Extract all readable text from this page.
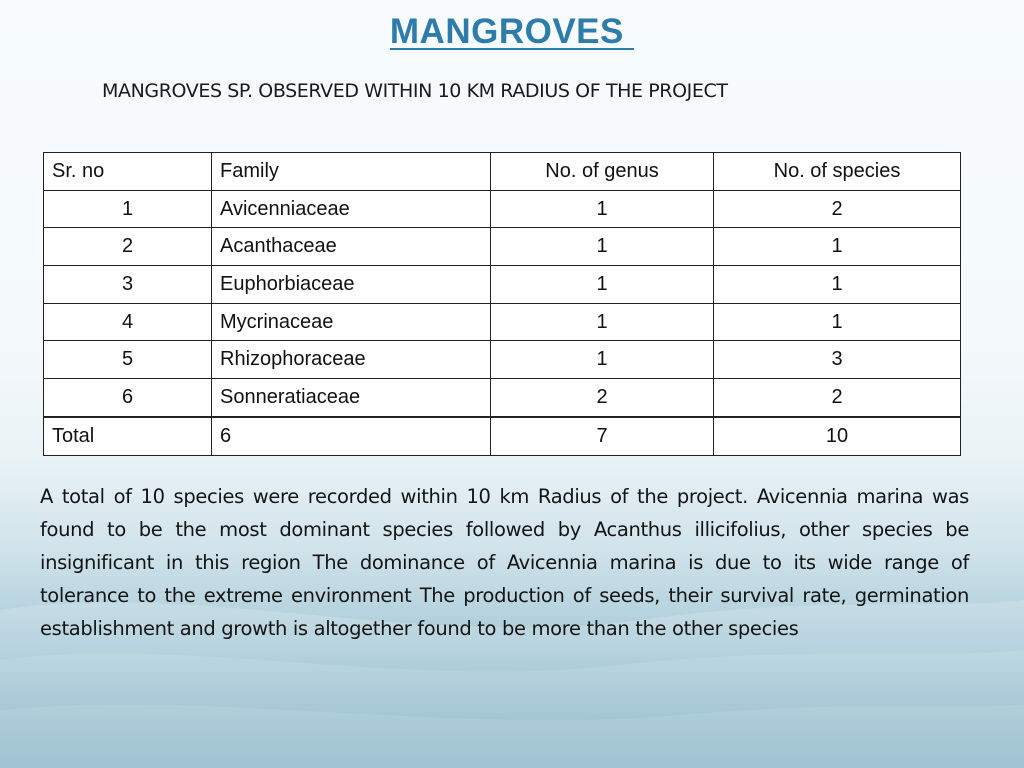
MANGROVES
MANGROVES SP. OBSERVED WITHIN 10 KM RADIUS OF THE PROJECT
Sr. no	Family	No. of genus	No. of species
1	Avicenniaceae	1	2
2	Acanthaceae	1	1
3	Euphorbiaceae	1	1
4	Mycrinaceae	1	1
5	Rhizophoraceae	1	3
6	Sonneratiaceae	2	2
Total	6	7	10
A total of 10 species were recorded within 10 km Radius of the project. Avicennia marina was found to be the most dominant species followed by Acanthus illicifolius, other species be insignificant in this region The dominance of Avicennia marina is due to its wide range of tolerance to the extreme environment The production of seeds, their survival rate, germination establishment and growth is altogether found to be more than the other species
